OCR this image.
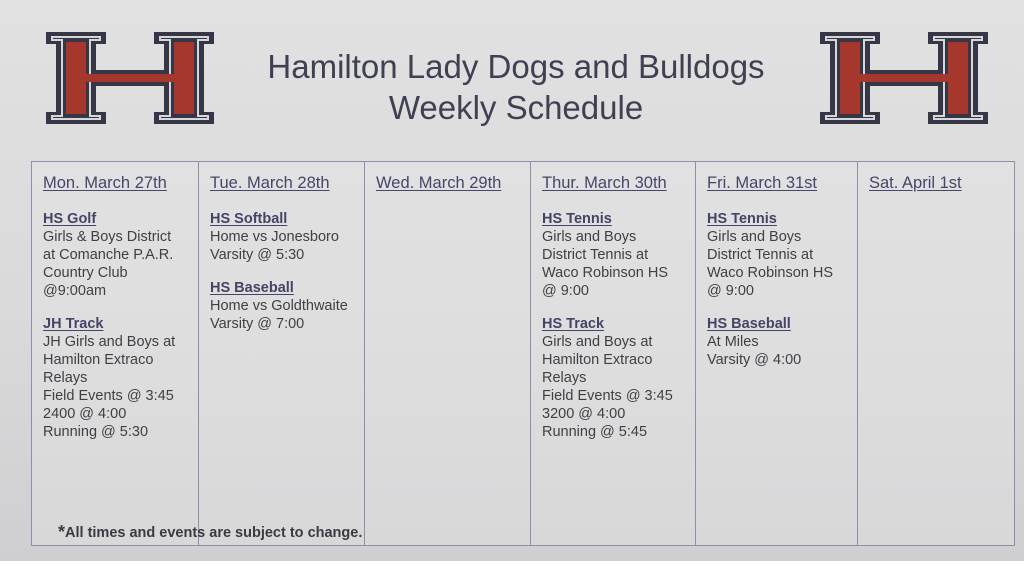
Hamilton Lady Dogs and Bulldogs
Weekly Schedule
Mon. March 27th
HS Golf
Girls & Boys District
at Comanche P.A.R.
Country Club
@9:00am
JH Track
JH Girls and Boys at
Hamilton Extraco
Relays
Field Events @ 3:45
2400 @ 4:00
Running @ 5:30
Tue. March 28th
HS Softball
Home vs Jonesboro
Varsity @ 5:30
HS Baseball
Home vs Goldthwaite
Varsity @ 7:00
Wed. March 29th	Thur. March 30th
HS Tennis
Girls and Boys
District Tennis at
Waco Robinson HS
@ 9:00
HS Track
Girls and Boys at
Hamilton Extraco
Relays
Field Events @ 3:45
3200 @ 4:00
Running @ 5:45
Fri. March 31st
HS Tennis
Girls and Boys
District Tennis at
Waco Robinson HS
@ 9:00
HS Baseball
At Miles
Varsity @ 4:00
Sat. April 1st
*All times and events are subject to change.
